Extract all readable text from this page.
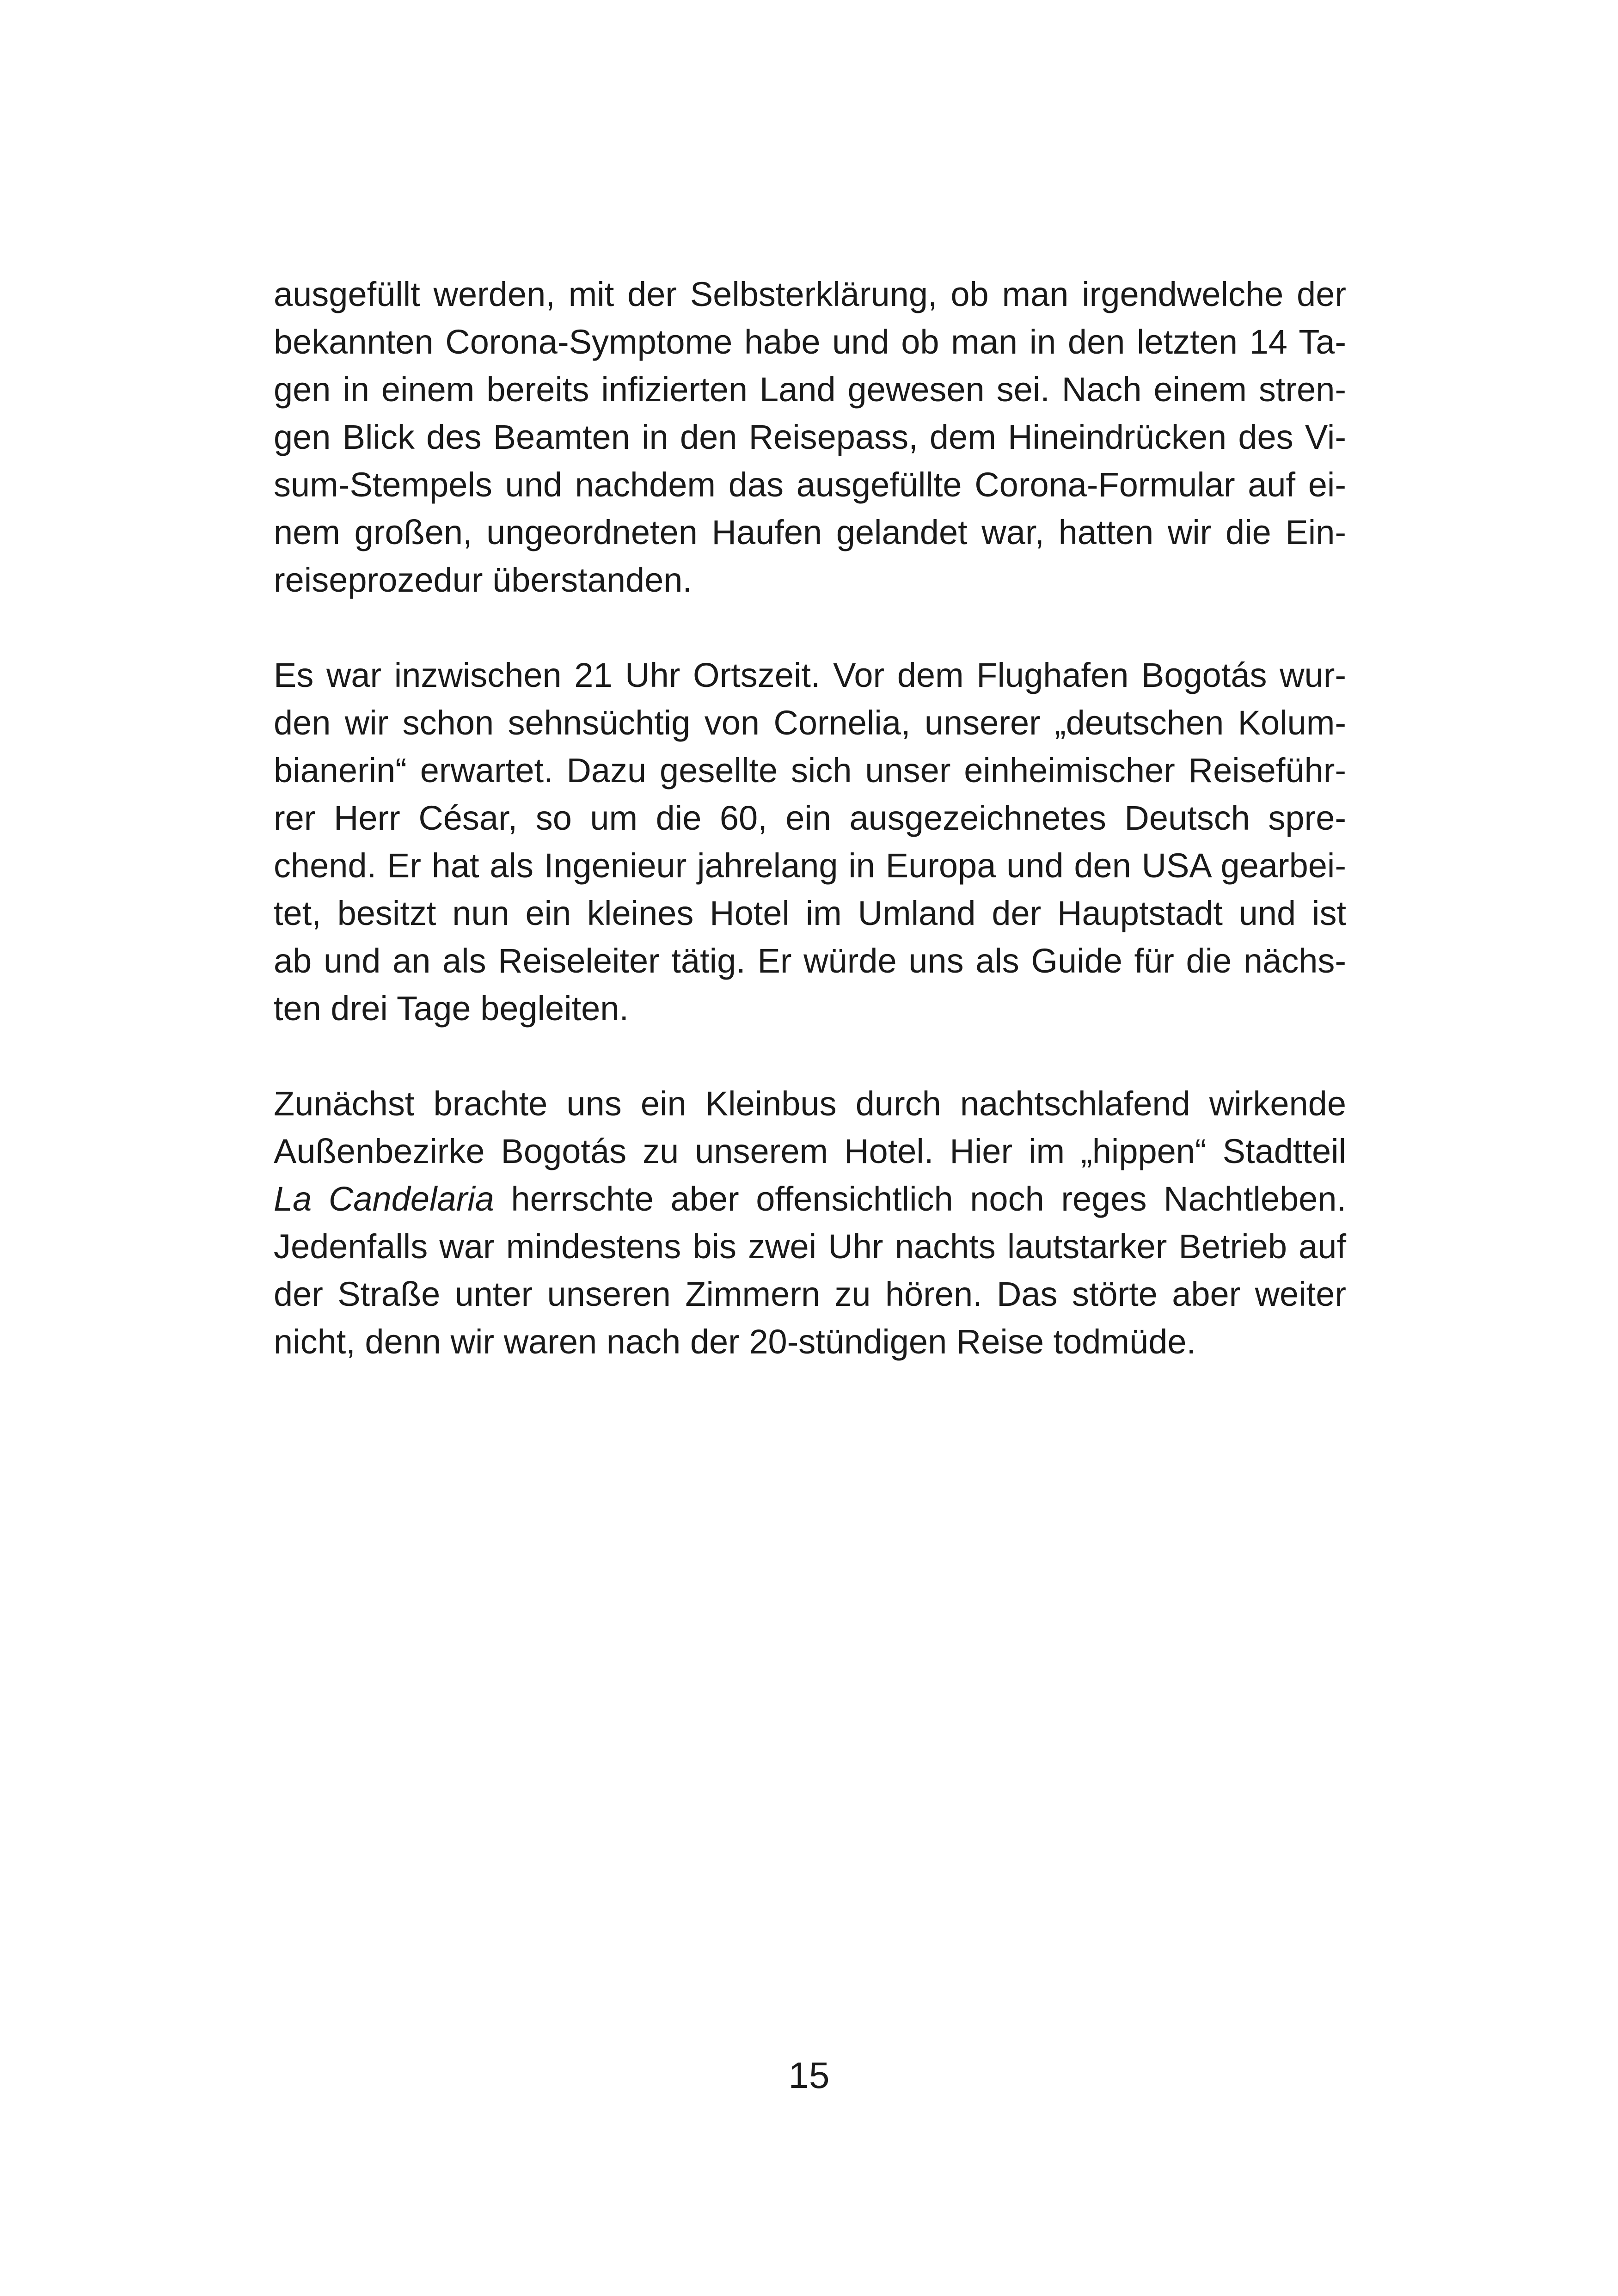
ausgefüllt werden, mit der Selbsterklärung, ob man irgendwelche der
bekannten Corona-Symptome habe und ob man in den letzten 14 Ta-
gen in einem bereits infizierten Land gewesen sei. Nach einem stren-
gen Blick des Beamten in den Reisepass, dem Hineindrücken des Vi-
sum-Stempels und nachdem das ausgefüllte Corona-Formular auf ei-
nem großen, ungeordneten Haufen gelandet war, hatten wir die Ein-
reiseprozedur überstanden.

Es war inzwischen 21 Uhr Ortszeit. Vor dem Flughafen Bogotás wur-
den wir schon sehnsüchtig von Cornelia, unserer „deutschen Kolum-
bianerin“ erwartet. Dazu gesellte sich unser einheimischer Reiseführ-
rer Herr César, so um die 60, ein ausgezeichnetes Deutsch spre-
chend. Er hat als Ingenieur jahrelang in Europa und den USA gearbei-
tet, besitzt nun ein kleines Hotel im Umland der Hauptstadt und ist
ab und an als Reiseleiter tätig. Er würde uns als Guide für die nächs-
ten drei Tage begleiten.

Zunächst brachte uns ein Kleinbus durch nachtschlafend wirkende
Außenbezirke Bogotás zu unserem Hotel. Hier im „hippen“ Stadtteil
La Candelaria herrschte aber offensichtlich noch reges Nachtleben.
Jedenfalls war mindestens bis zwei Uhr nachts lautstarker Betrieb auf
der Straße unter unseren Zimmern zu hören. Das störte aber weiter
nicht, denn wir waren nach der 20-stündigen Reise todmüde.

15
